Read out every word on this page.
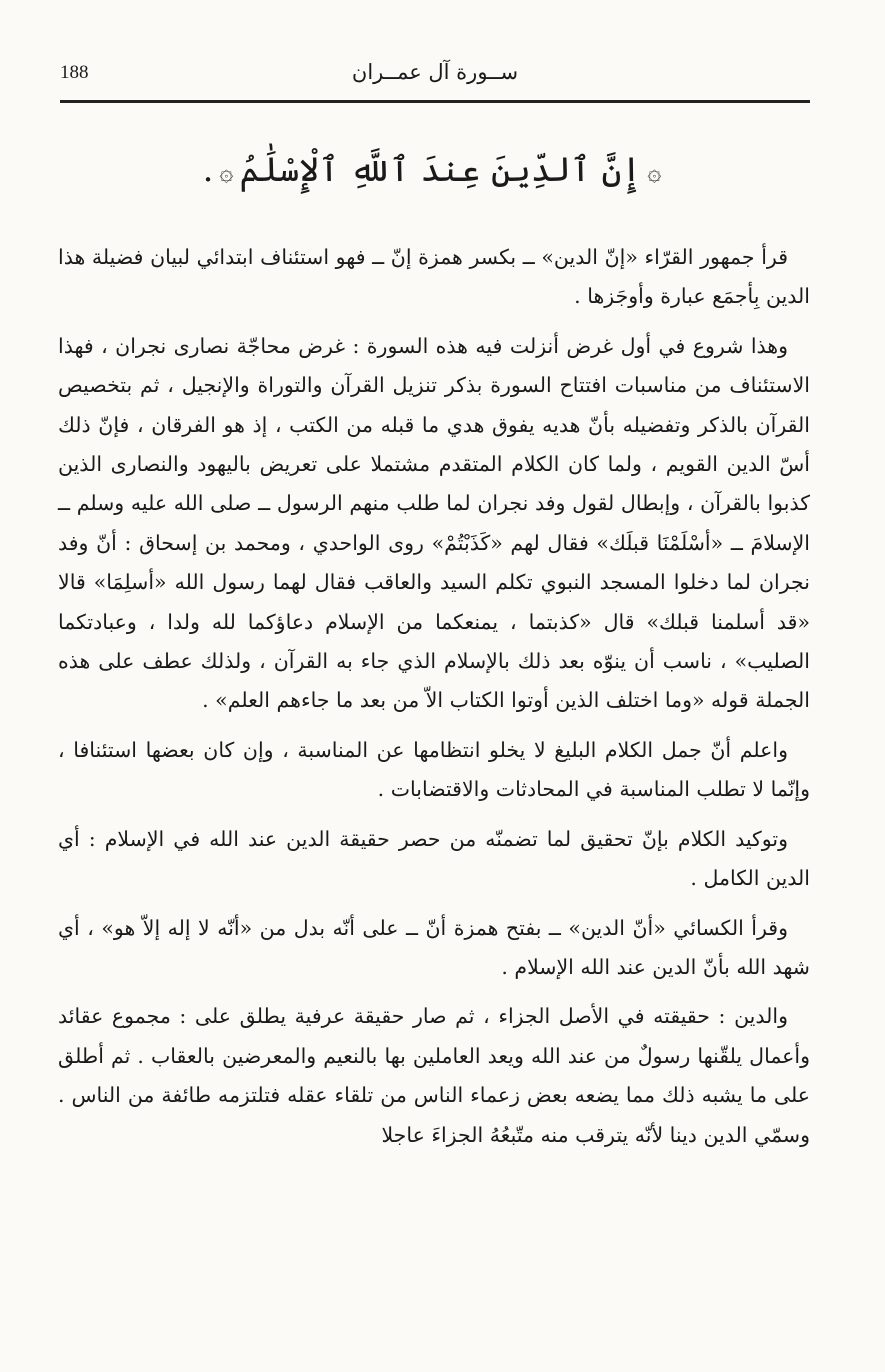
188	ســورة آل عمــران
۞إِنَّ ٱلدِّينَ عِندَ ٱللَّهِ ٱلْإِسْلَٰمُ۞.

قرأ جمهور القرّاء «إنّ الدين» ــ بكسر همزة إنّ ــ فهو استئناف ابتدائي لبيان فضيلة هذا الدين بِأجمَع عبارة وأوجَزها .

وهذا شروع في أول غرض أنزلت فيه هذه السورة : غرض محاجّة نصارى نجران ، فهذا الاستئناف من مناسبات افتتاح السورة بذكر تنزيل القرآن والتوراة والإنجيل ، ثم بتخصيص القرآن بالذكر وتفضيله بأنّ هديه يفوق هدي ما قبله من الكتب ، إذ هو الفرقان ، فإنّ ذلك أسّ الدين القويم ، ولما كان الكلام المتقدم مشتملا على تعريض باليهود والنصارى الذين كذبوا بالقرآن ، وإبطال لقول وفد نجران لما طلب منهم الرسول ــ صلى الله عليه وسلم ــ الإسلامَ ــ «أسْلَمْنَا قبلَك» فقال لهم «كَذَبْتُمْ» روى الواحدي ، ومحمد بن إسحاق : أنّ وفد نجران لما دخلوا المسجد النبوي تكلم السيد والعاقب فقال لهما رسول الله «أسلِمَا» قالا «قد أسلمنا قبلك» قال «كذبتما ، يمنعكما من الإسلام دعاؤكما لله ولدا ، وعبادتكما الصليب» ، ناسب أن ينوّه بعد ذلك بالإسلام الذي جاء به القرآن ، ولذلك عطف على هذه الجملة قوله «وما اختلف الذين أوتوا الكتاب الاّ من بعد ما جاءهم العلم» .

واعلم أنّ جمل الكلام البليغ لا يخلو انتظامها عن المناسبة ، وإن كان بعضها استئنافا ، وإنّما لا تطلب المناسبة في المحادثات والاقتضابات .

وتوكيد الكلام بإنّ تحقيق لما تضمنّه من حصر حقيقة الدين عند الله في الإسلام : أي الدين الكامل .

وقرأ الكسائي «أنّ الدين» ــ بفتح همزة أنّ ــ على أنّه بدل من «أنّه لا إله إلاّ هو» ، أي شهد الله بأنّ الدين عند الله الإسلام .

والدين : حقيقته في الأصل الجزاء ، ثم صار حقيقة عرفية يطلق على : مجموع عقائد وأعمال يلقّنها رسولٌ من عند الله ويعد العاملين بها بالنعيم والمعرضين بالعقاب . ثم أطلق على ما يشبه ذلك مما يضعه بعض زعماء الناس من تلقاء عقله فتلتزمه طائفة من الناس . وسمّي الدين دينا لأنّه يترقب منه متّبعُهُ الجزاءَ عاجلا
